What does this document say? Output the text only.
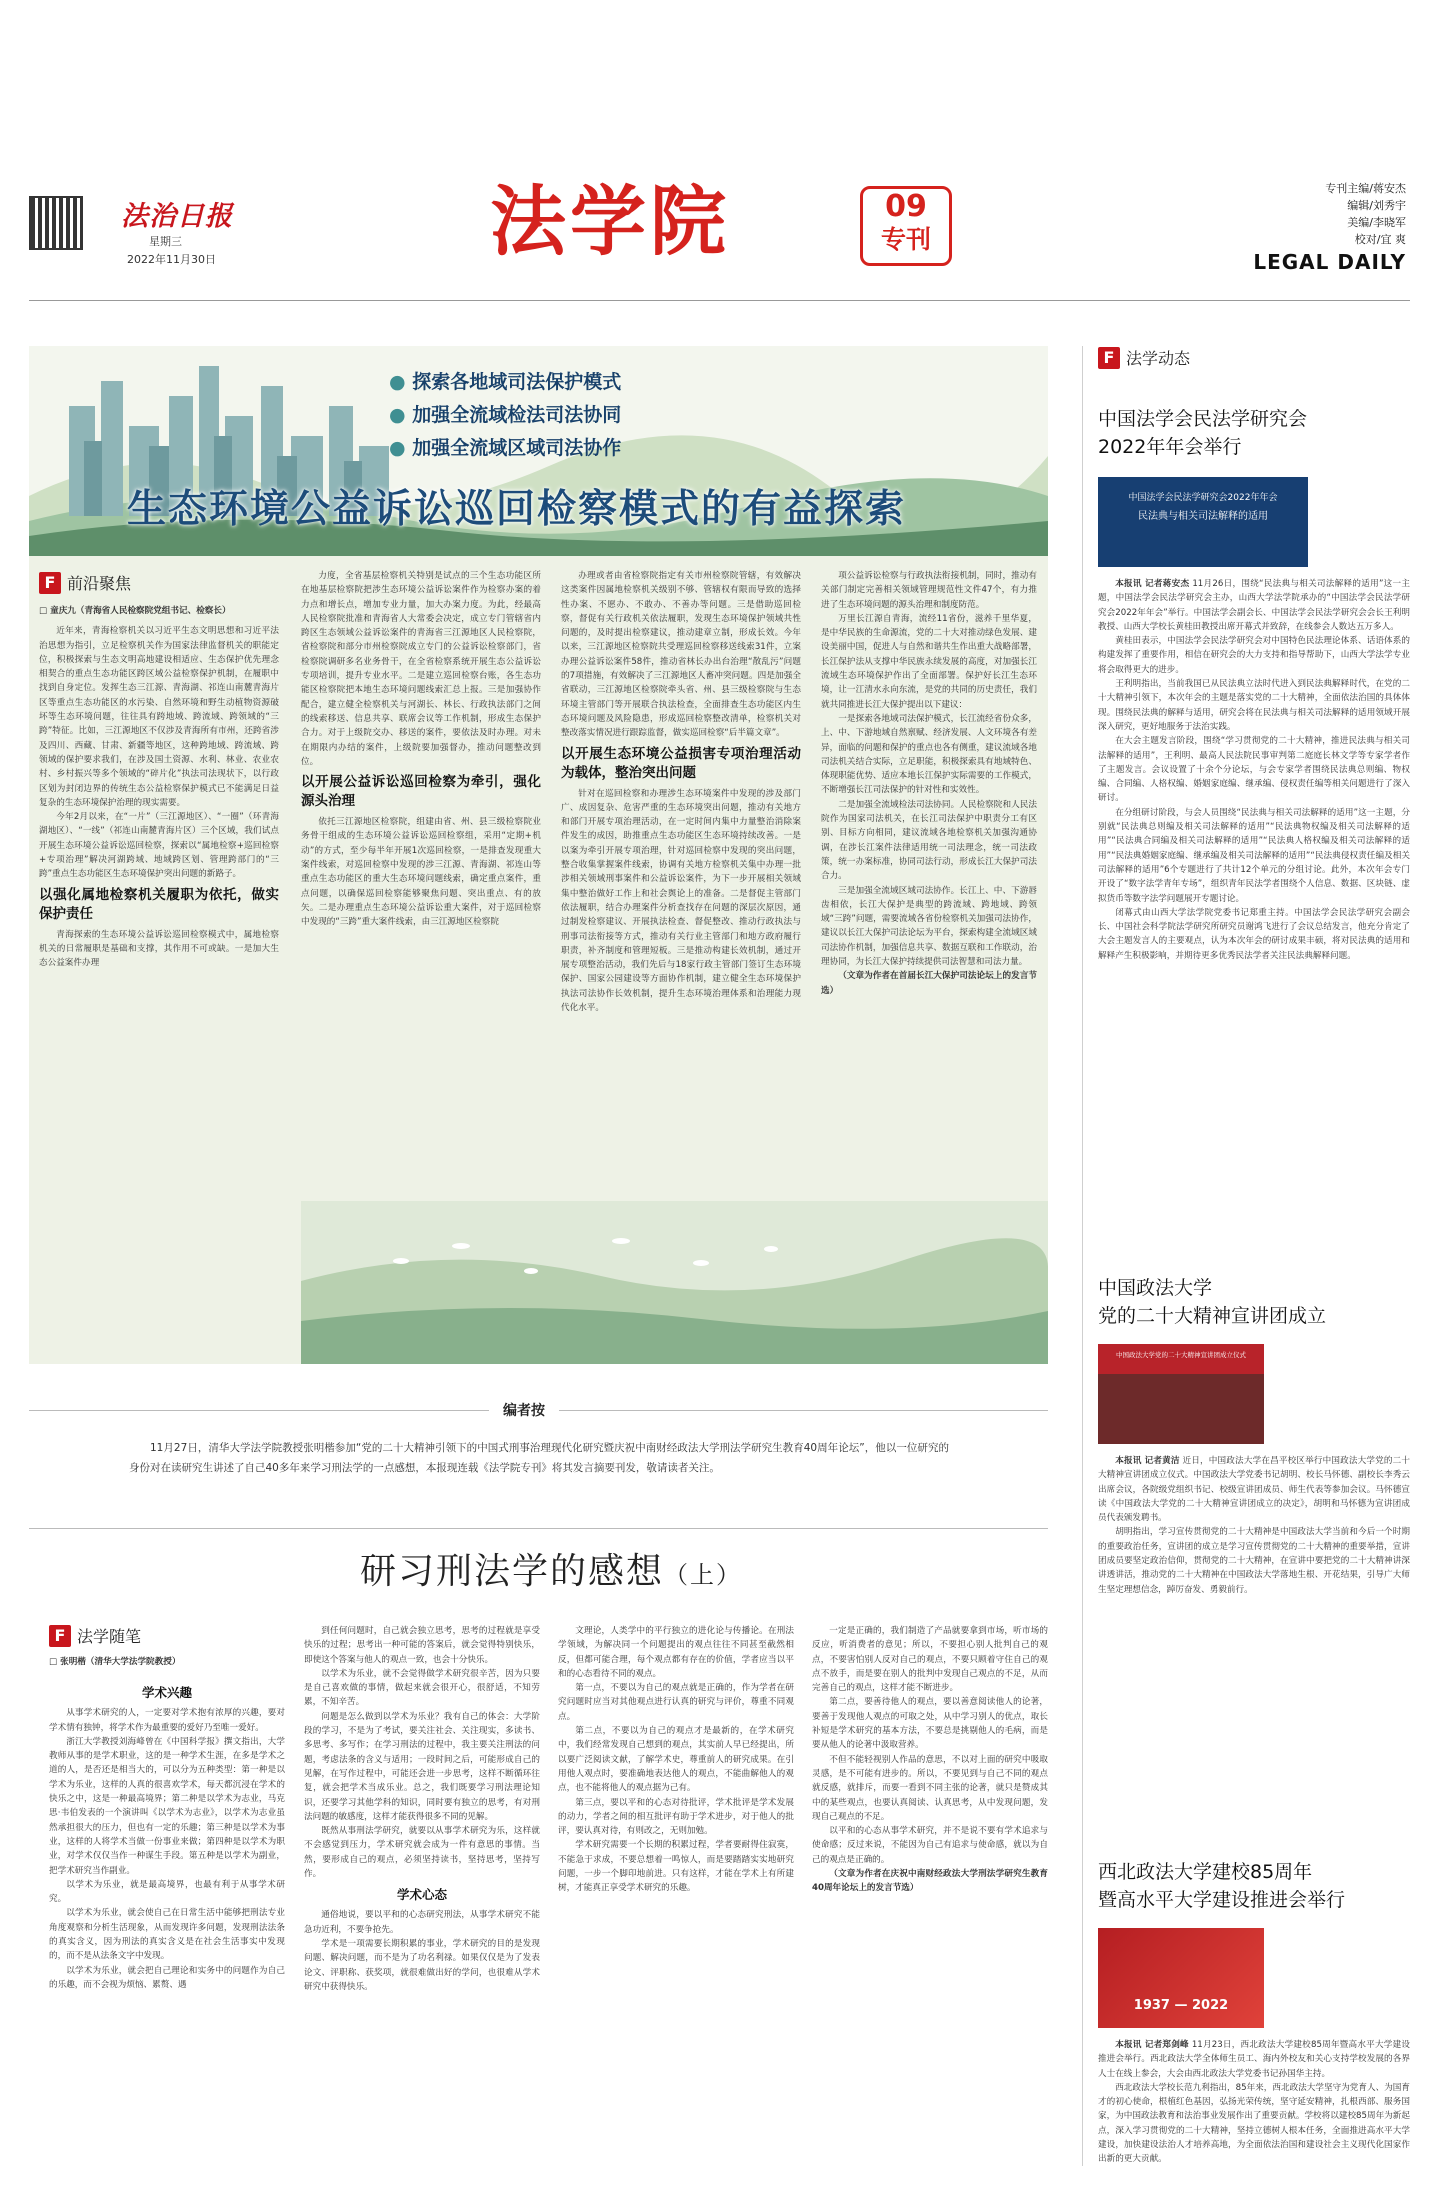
法治日报
星期三
2022年11月30日	法学院	09
专刊
专刊主编/蒋安杰
编辑/刘秀宇
美编/李晓军
校对/宜 爽
LEGAL DAILY
● 探索各地域司法保护模式
● 加强全流域检法司法协同
● 加强全流域区域司法协作
生态环境公益诉讼巡回检察模式的有益探索
F 前沿聚焦
□ 童庆九（青海省人民检察院党组书记、检察长）

近年来，青海检察机关以习近平生态文明思想和习近平法治思想为指引，立足检察机关作为国家法律监督机关的职能定位，积极探索与生态文明高地建设相适应、生态保护优先理念相契合的重点生态功能区跨区域公益检察保护机制，在履职中找到自身定位。发挥生态三江源、青海湖、祁连山南麓青海片区等重点生态功能区的水污染、自然环境和野生动植物资源破坏等生态环境问题，往往具有跨地域、跨流域、跨领域的“三跨”特征。比如，三江源地区不仅涉及青海所有市州，还跨省涉及四川、西藏、甘肃、新疆等地区，这种跨地域、跨流域、跨领域的保护要求我们，在涉及国土资源、水利、林业、农业农村、乡村振兴等多个领域的“碎片化”执法司法现状下，以行政区划为封闭边界的传统生态公益检察保护模式已不能满足日益复杂的生态环境保护治理的现实需要。

今年2月以来，在“一片”（三江源地区）、“一圈”（环青海湖地区）、“一线”（祁连山南麓青海片区）三个区域，我们试点开展生态环境公益诉讼巡回检察，探索以“属地检察+巡回检察+专项治理”解决河湖跨域、地域跨区划、管理跨部门的“三跨”重点生态功能区生态环境保护突出问题的新路子。

以强化属地检察机关履职为依托，做实保护责任

青海探索的生态环境公益诉讼巡回检察模式中，属地检察机关的日常履职是基础和支撑，其作用不可或缺。一是加大生态公益案件办理

力度，全省基层检察机关特别是试点的三个生态功能区所在地基层检察院把涉生态环境公益诉讼案件作为检察办案的着力点和增长点，增加专业力量，加大办案力度。为此，经最高人民检察院批准和青海省人大常委会决定，成立专门管辖省内跨区生态领域公益诉讼案件的青海省三江源地区人民检察院，省检察院和部分市州检察院成立专门的公益诉讼检察部门，省检察院调研多名业务骨干，在全省检察系统开展生态公益诉讼专项培训，提升专业水平。二是建立巡回检察台账，各生态功能区检察院把本地生态环境问题线索汇总上报。三是加强协作配合，建立健全检察机关与河湖长、林长、行政执法部门之间的线索移送、信息共享、联席会议等工作机制，形成生态保护合力。对于上级院交办、移送的案件，要依法及时办理。对未在期限内办结的案件，上级院要加强督办，推动问题整改到位。

以开展公益诉讼巡回检察为牵引，强化源头治理

依托三江源地区检察院，组建由省、州、县三级检察院业务骨干组成的生态环境公益诉讼巡回检察组，采用“定期+机动”的方式，至少每半年开展1次巡回检察，一是排查发现重大案件线索，对巡回检察中发现的涉三江源、青海湖、祁连山等重点生态功能区的重大生态环境问题线索，确定重点案件，重点问题，以确保巡回检察能够聚焦问题、突出重点、有的放矢。二是办理重点生态环境公益诉讼重大案件，对于巡回检察中发现的“三跨”重大案件线索，由三江源地区检察院

办理或者由省检察院指定有关市州检察院管辖，有效解决这类案件因属地检察机关级别不够、管辖权有限而导致的选择性办案、不愿办、不敢办、不善办等问题。三是借助巡回检察，督促有关行政机关依法履职，发现生态环境保护领域共性问题的，及时提出检察建议，推动建章立制，形成长效。今年以来，三江源地区检察院共受理巡回检察移送线索31件，立案办理公益诉讼案件58件，推动省林长办出台治理“散乱污”问题的7项措施，有效解决了三江源地区人畜冲突问题。四是加强全省联动，三江源地区检察院牵头省、州、县三级检察院与生态环境主管部门等开展联合执法检查，全面排查生态功能区内生态环境问题及风险隐患，形成巡回检察整改清单，检察机关对整改落实情况进行跟踪监督，做实巡回检察“后半篇文章”。

以开展生态环境公益损害专项治理活动为载体，整治突出问题

针对在巡回检察和办理涉生态环境案件中发现的涉及部门广、成因复杂、危害严重的生态环境突出问题，推动有关地方和部门开展专项治理活动，在一定时间内集中力量整治消除案件发生的成因，助推重点生态功能区生态环境持续改善。一是以案为牵引开展专项治理，针对巡回检察中发现的突出问题，整合收集掌握案件线索，协调有关地方检察机关集中办理一批涉相关领域刑事案件和公益诉讼案件，为下一步开展相关领域集中整治做好工作上和社会舆论上的准备。二是督促主管部门依法履职，结合办理案件分析查找存在问题的深层次原因，通过制发检察建议、开展执法检查、督促整改、推动行政执法与刑事司法衔接等方式，推动有关行业主管部门和地方政府履行职责，补齐制度和管理短板。三是推动构建长效机制，通过开展专项整治活动，我们先后与18家行政主管部门签订生态环境保护、国家公园建设等方面协作机制，建立健全生态环境保护执法司法协作长效机制，提升生态环境治理体系和治理能力现代化水平。

项公益诉讼检察与行政执法衔接机制，同时，推动有关部门制定完善相关领域管理规范性文件47个，有力推进了生态环境问题的源头治理和制度防范。

万里长江源自青海，流经11省份，滋养千里华夏，是中华民族的生命源流，党的二十大对推动绿色发展、建设美丽中国，促进人与自然和谐共生作出重大战略部署，长江保护法从支撑中华民族永续发展的高度，对加强长江流域生态环境保护作出了全面部署。保护好长江生态环境，让一江清水永向东流，是党的共同的历史责任，我们就共同推进长江大保护提出以下建议：

一是探索各地域司法保护模式，长江流经省份众多，上、中、下游地域自然禀赋、经济发展、人文环境各有差异，面临的问题和保护的重点也各有侧重，建议流域各地司法机关结合实际，立足职能，积极探索具有地域特色、体现职能优势、适应本地长江保护实际需要的工作模式，不断增强长江司法保护的针对性和实效性。

二是加强全流域检法司法协同。人民检察院和人民法院作为国家司法机关，在长江司法保护中职责分工有区别、目标方向相同，建议流域各地检察机关加强沟通协调，在涉长江案件法律适用统一司法理念，统一司法政策，统一办案标准，协同司法行动，形成长江大保护司法合力。

三是加强全流域区域司法协作。长江上、中、下游唇齿相依，长江大保护是典型的跨流域、跨地域、跨领域“三跨”问题，需要流域各省份检察机关加强司法协作，建议以长江大保护司法论坛为平台，探索构建全流域区域司法协作机制，加强信息共享、数据互联和工作联动，治理协同，为长江大保护持续提供司法智慧和司法力量。

（文章为作者在首届长江大保护司法论坛上的发言节选）

编者按
11月27日，清华大学法学院教授张明楷参加“党的二十大精神引领下的中国式刑事治理现代化研究暨庆祝中南财经政法大学刑法学研究生教育40周年论坛”，他以一位研究的身份对在读研究生讲述了自己40多年来学习刑法学的一点感想，本报现连载《法学院专刊》将其发言摘要刊发，敬请读者关注。
研习刑法学的感想（上）
F 法学随笔
□ 张明楷（清华大学法学院教授）
学术兴趣

从事学术研究的人，一定要对学术抱有浓厚的兴趣，要对学术情有独钟，将学术作为最重要的爱好乃至唯一爱好。

浙江大学教授刘海峰曾在《中国科学报》撰文指出，大学教师从事的是学术职业，这的是一种学术生涯，在多是学术之道的人，是否还是相当大的，可以分为五种类型：第一种是以学术为乐业，这样的人真的很喜欢学术，每天都沉浸在学术的快乐之中，这是一种最高境界；第二种是以学术为志业，马克思·韦伯发表的一个演讲叫《以学术为志业》，以学术为志业虽然承担很大的压力，但也有一定的乐趣；第三种是以学术为事业，这样的人将学术当做一份事业来做；第四种是以学术为职业，对学术仅仅当作一种谋生手段。第五种是以学术为副业，把学术研究当作副业。

以学术为乐业，就是最高境界，也最有利于从事学术研究。

以学术为乐业，就会使自己在日常生活中能够把刑法专业角度观察和分析生活现象，从而发现许多问题，发现刑法法条的真实含义，因为刑法的真实含义是在社会生活事实中发现的，而不是从法条文字中发现。

以学术为乐业，就会把自己理论和实务中的问题作为自己的乐趣，而不会视为烦恼、累赘、遇

到任何问题时，自己就会独立思考，思考的过程就是享受快乐的过程；思考出一种可能的答案后，就会觉得特别快乐，即使这个答案与他人的观点一致，也会十分快乐。

以学术为乐业，就不会觉得做学术研究很辛苦，因为只要是自己喜欢做的事情，做起来就会很开心，很舒适，不知劳累，不知辛苦。

问题是怎么做到以学术为乐业？我有自己的体会：大学阶段的学习，不是为了考试，要关注社会、关注现实，多读书、多思考、多写作；在学习刑法的过程中，我主要关注刑法的问题，考虑法条的含义与适用；一段时间之后，可能形成自己的见解，在写作过程中，可能还会进一步思考，这样不断循环往复，就会把学术当成乐业。总之，我们既要学习刑法理论知识，还要学习其他学科的知识，同时要有独立的思考，有对刑法问题的敏感度，这样才能获得很多不同的见解。

既然从事刑法学研究，就要以从事学术研究为乐，这样就不会感觉到压力，学术研究就会成为一件有意思的事情。当然，要形成自己的观点，必须坚持读书，坚持思考，坚持写作。

学术心态

通俗地说，要以平和的心态研究刑法，从事学术研究不能急功近利，不要争抢先。

学术是一项需要长期积累的事业，学术研究的目的是发现问题、解决问题，而不是为了功名利禄。如果仅仅是为了发表论文、评职称、获奖项，就很难做出好的学问，也很难从学术研究中获得快乐。

文理论，人类学中的平行独立的进化论与传播论。在刑法学领域，为解决同一个问题提出的观点往往不同甚至截然相反，但都可能合理，每个观点都有存在的价值，学者应当以平和的心态看待不同的观点。

第一点，不要以为自己的观点就是正确的，作为学者在研究问题时应当对其他观点进行认真的研究与评价，尊重不同观点。

第二点，不要以为自己的观点才是最新的，在学术研究中，我们经常发现自己想到的观点，其实前人早已经提出，所以要广泛阅读文献，了解学术史，尊重前人的研究成果。在引用他人观点时，要准确地表达他人的观点，不能曲解他人的观点，也不能将他人的观点据为己有。

第三点，要以平和的心态对待批评，学术批评是学术发展的动力，学者之间的相互批评有助于学术进步，对于他人的批评，要认真对待，有则改之，无则加勉。

学术研究需要一个长期的积累过程，学者要耐得住寂寞，不能急于求成，不要总想着一鸣惊人，而是要踏踏实实地研究问题，一步一个脚印地前进。只有这样，才能在学术上有所建树，才能真正享受学术研究的乐趣。

一定是正确的，我们制造了产品就要拿到市场，听市场的反应，听消费者的意见；所以，不要担心别人批判自己的观点，不要害怕别人反对自己的观点，不要只顾着守住自己的观点不放手，而是要在别人的批判中发现自己观点的不足，从而完善自己的观点，这样才能不断进步。

第二点，要善待他人的观点，要以善意阅读他人的论著，要善于发现他人观点的可取之处，从中学习别人的优点，取长补短是学术研究的基本方法，不要总是挑剔他人的毛病，而是要从他人的论著中汲取营养。

不但不能轻视别人作品的意思，不以对上面的研究中吸取灵感，是不可能有进步的。所以，不要见到与自己不同的观点就反感，就排斥，而要一看到不同主张的论著，就只是赞成其中的某些观点，也要认真阅读、认真思考，从中发现问题，发现自己观点的不足。

以平和的心态从事学术研究，并不是说不要有学术追求与使命感；反过来说，不能因为自己有追求与使命感，就以为自己的观点是正确的。

（文章为作者在庆祝中南财经政法大学刑法学研究生教育40周年论坛上的发言节选）

F 法学动态
中国法学会民法学研究会
2022年年会举行
中国法学会民法学研究会2022年年会
民法典与相关司法解释的适用

本报讯 记者蒋安杰 11月26日，围绕“民法典与相关司法解释的适用”这一主题，中国法学会民法学研究会主办，山西大学法学院承办的“中国法学会民法学研究会2022年年会”举行。中国法学会副会长、中国法学会民法学研究会会长王利明教授、山西大学校长黄桂田教授出席开幕式并致辞，在线参会人数达五万多人。

黄桂田表示，中国法学会民法学研究会对中国特色民法理论体系、话语体系的构建发挥了重要作用，相信在研究会的大力支持和指导帮助下，山西大学法学专业将会取得更大的进步。

王利明指出，当前我国已从民法典立法时代进入到民法典解释时代，在党的二十大精神引领下，本次年会的主题是落实党的二十大精神，全面依法治国的具体体现。围绕民法典的解释与适用，研究会将在民法典与相关司法解释的适用领域开展深入研究，更好地服务于法治实践。

在大会主题发言阶段，围绕“学习贯彻党的二十大精神，推进民法典与相关司法解释的适用”，王利明、最高人民法院民事审判第二庭庭长林文学等专家学者作了主题发言。会议设置了十余个分论坛，与会专家学者围绕民法典总则编、物权编、合同编、人格权编、婚姻家庭编、继承编、侵权责任编等相关问题进行了深入研讨。

在分组研讨阶段，与会人员围绕“民法典与相关司法解释的适用”这一主题，分别就“民法典总则编及相关司法解释的适用”“民法典物权编及相关司法解释的适用”“民法典合同编及相关司法解释的适用”“民法典人格权编及相关司法解释的适用”“民法典婚姻家庭编、继承编及相关司法解释的适用”“民法典侵权责任编及相关司法解释的适用”6个专题进行了共计12个单元的分组讨论。此外，本次年会专门开设了“数字法学青年专场”，组织青年民法学者围绕个人信息、数据、区块链、虚拟货币等数字法学问题展开专题讨论。

闭幕式由山西大学法学院党委书记郑重主持。中国法学会民法学研究会副会长、中国社会科学院法学研究所研究员谢鸿飞进行了会议总结发言，他充分肯定了大会主题发言人的主要观点，认为本次年会的研讨成果丰硕，将对民法典的适用和解释产生积极影响，并期待更多优秀民法学者关注民法典解释问题。

中国政法大学
党的二十大精神宣讲团成立
中国政法大学党的二十大精神宣讲团成立仪式

本报讯 记者黄洁 近日，中国政法大学在昌平校区举行中国政法大学党的二十大精神宣讲团成立仪式。中国政法大学党委书记胡明、校长马怀德、副校长李秀云出席会议，各院级党组织书记、校级宣讲团成员、师生代表等参加会议。马怀德宣读《中国政法大学党的二十大精神宣讲团成立的决定》，胡明和马怀德为宣讲团成员代表颁发聘书。

胡明指出，学习宣传贯彻党的二十大精神是中国政法大学当前和今后一个时期的重要政治任务，宣讲团的成立是学习宣传贯彻党的二十大精神的重要举措，宣讲团成员要坚定政治信仰，贯彻党的二十大精神，在宣讲中要把党的二十大精神讲深讲透讲活，推动党的二十大精神在中国政法大学落地生根、开花结果，引导广大师生坚定理想信念，踔厉奋发、勇毅前行。

西北政法大学建校85周年
暨高水平大学建设推进会举行
1937 — 2022

本报讯 记者郑剑峰 11月23日，西北政法大学建校85周年暨高水平大学建设推进会举行。西北政法大学全体师生员工、海内外校友和关心支持学校发展的各界人士在线上参会，大会由西北政法大学党委书记孙国华主持。

西北政法大学校长范九利指出，85年来，西北政法大学坚守为党育人、为国育才的初心使命，根植红色基因，弘扬光荣传统，坚守延安精神，扎根西部、服务国家，为中国政法教育和法治事业发展作出了重要贡献。学校将以建校85周年为新起点，深入学习贯彻党的二十大精神，坚持立德树人根本任务，全面推进高水平大学建设，加快建设法治人才培养高地，为全面依法治国和建设社会主义现代化国家作出新的更大贡献。
